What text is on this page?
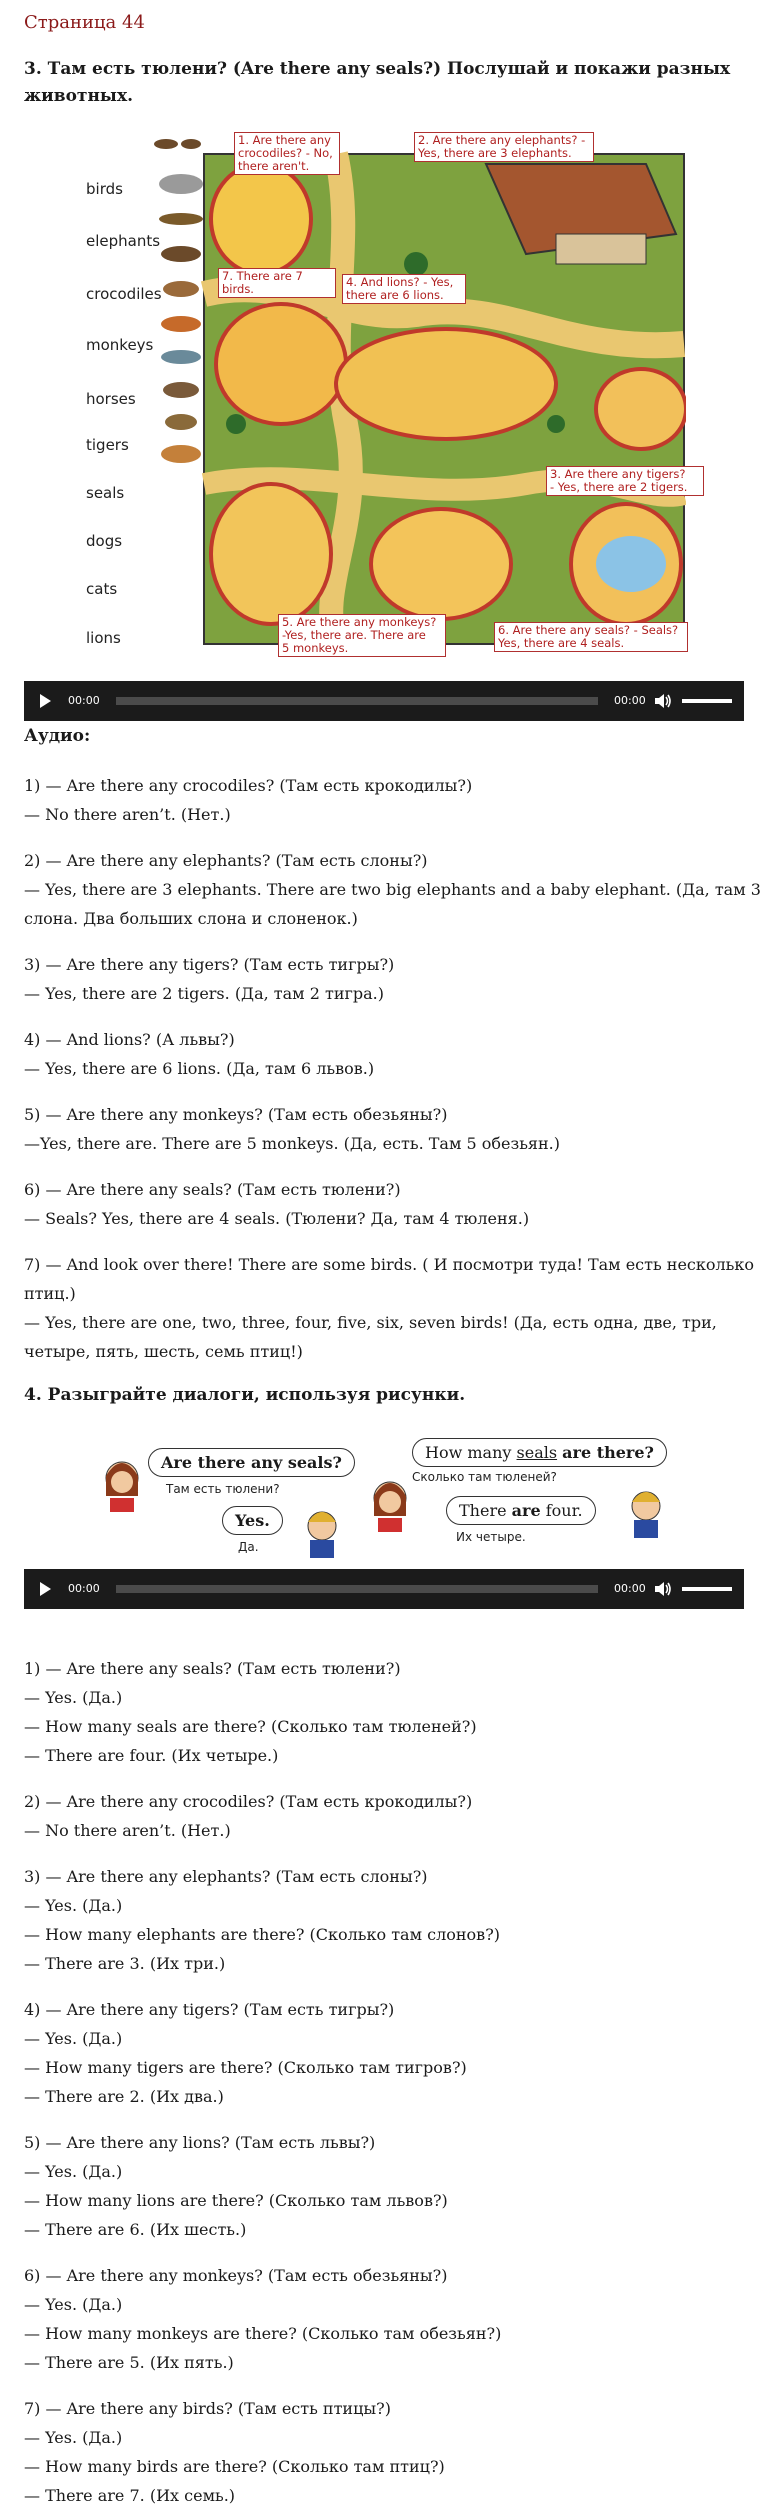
Страница 44
3. Там есть тюлени? (Are there any seals?) Послушай и покажи разных
животных.
birds
elephants
crocodiles
monkeys
horses
tigers
seals
dogs
cats
lions
1. Are there any
crocodiles? - No,
there aren't.
2. Are there any elephants? -
Yes, there are 3 elephants.
7. There are 7 birds.	4. And lions? - Yes,
there are 6 lions.
3. Are there any tigers?
- Yes, there are 2 tigers.
5. Are there any monkeys?
-Yes, there are. There are
5 monkeys.
6. Are there any seals? - Seals?
Yes, there are 4 seals.
00:00	00:00
Аудио:
1) — Are there any crocodiles? (Там есть крокодилы?)
— No there aren’t. (Нет.)
2) — Are there any elephants? (Там есть слоны?)
— Yes, there are 3 elephants. There are two big elephants and a baby elephant. (Да, там 3
слона. Два больших слона и слоненок.)
3) — Are there any tigers? (Там есть тигры?)
— Yes, there are 2 tigers. (Да, там 2 тигра.)
4) — And lions? (А львы?)
— Yes, there are 6 lions. (Да, там 6 львов.)
5) — Are there any monkeys? (Там есть обезьяны?)
—Yes, there are. There are 5 monkeys. (Да, есть. Там 5 обезьян.)
6) — Are there any seals? (Там есть тюлени?)
— Seals? Yes, there are 4 seals. (Тюлени? Да, там 4 тюленя.)
7) — And look over there! There are some birds. ( И посмотри туда! Там есть несколько
птиц.)
— Yes, there are one, two, three, four, five, six, seven birds! (Да, есть одна, две, три,
четыре, пять, шесть, семь птиц!)
4. Разыграйте диалоги, используя рисунки.
Are there any seals?
Там есть тюлени?
Yes.
Да.
How many seals are there?
Сколько там тюленей?
There are four.
Их четыре.
00:00	00:00
1) — Are there any seals? (Там есть тюлени?)
— Yes. (Да.)
— How many seals are there? (Сколько там тюленей?)
— There are four. (Их четыре.)
2) — Are there any crocodiles? (Там есть крокодилы?)
— No there aren’t. (Нет.)
3) — Are there any elephants? (Там есть слоны?)
— Yes. (Да.)
— How many elephants are there? (Сколько там слонов?)
— There are 3. (Их три.)
4) — Are there any tigers? (Там есть тигры?)
— Yes. (Да.)
— How many tigers are there? (Сколько там тигров?)
— There are 2. (Их два.)
5) — Are there any lions? (Там есть львы?)
— Yes. (Да.)
— How many lions are there? (Сколько там львов?)
— There are 6. (Их шесть.)
6) — Are there any monkeys? (Там есть обезьяны?)
— Yes. (Да.)
— How many monkeys are there? (Сколько там обезьян?)
— There are 5. (Их пять.)
7) — Are there any birds? (Там есть птицы?)
— Yes. (Да.)
— How many birds are there? (Сколько там птиц?)
— There are 7. (Их семь.)
